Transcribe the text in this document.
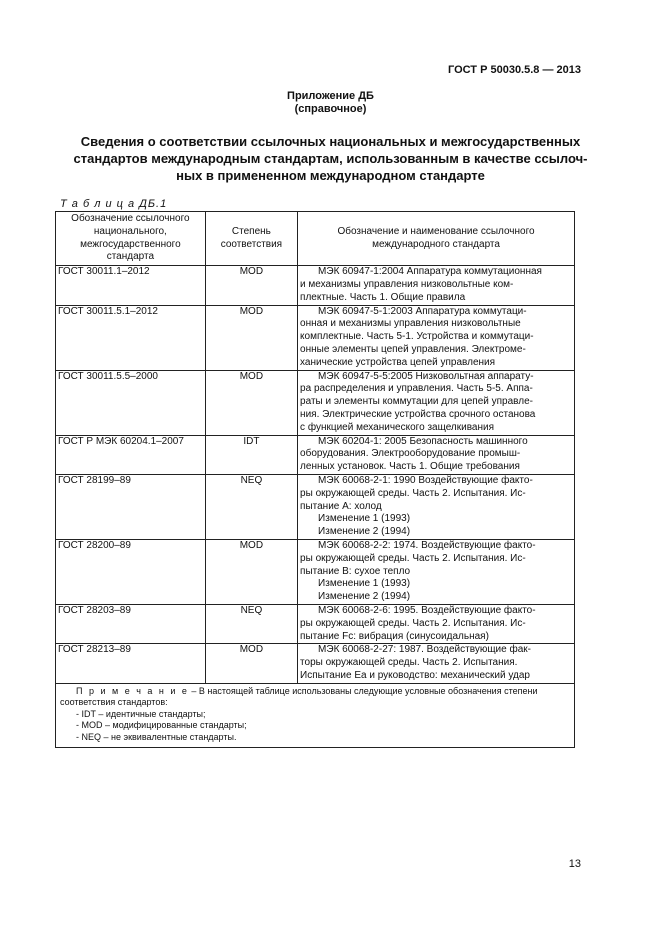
ГОСТ Р 50030.5.8 — 2013
Приложение ДБ
(справочное)
Сведения о соответствии ссылочных национальных и межгосударственных
стандартов международным стандартам, использованным в качестве ссылоч-
ных в примененном международном стандарте
Т а б л и ц а ДБ.1
Обозначение ссылочного национального, межгосударственного стандарта	Степень соответствия	Обозначение и наименование ссылочного международного стандарта
ГОСТ 30011.1–2012	MOD	МЭК 60947-1:2004 Аппаратура коммутационная
и механизмы управления низковольтные ком-
плектные. Часть 1. Общие правила

ГОСТ 30011.5.1–2012	MOD	МЭК 60947-5-1:2003 Аппаратура коммутаци-
онная и механизмы управления низковольтные
комплектные. Часть 5-1. Устройства и коммутаци-
онные элементы цепей управления. Электроме-
ханические устройства цепей управления

ГОСТ 30011.5.5–2000	MOD	МЭК 60947-5-5:2005 Низковольтная аппарату-
ра распределения и управления. Часть 5-5. Аппа-
раты и элементы коммутации для цепей управле-
ния. Электрические устройства срочного останова
с функцией механического защелкивания

ГОСТ Р МЭК 60204.1–2007	IDT	МЭК 60204-1: 2005 Безопасность машинного
оборудования. Электрооборудование промыш-
ленных установок. Часть 1. Общие требования

ГОСТ 28199–89	NEQ	МЭК 60068-2-1: 1990 Воздействующие факто-
ры окружающей среды. Часть 2. Испытания. Ис-
пытание А: холод
Изменение 1 (1993)
Изменение 2 (1994)

ГОСТ 28200–89	MOD	МЭК 60068-2-2: 1974. Воздействующие факто-
ры окружающей среды. Часть 2. Испытания. Ис-
пытание В: сухое тепло
Изменение 1 (1993)
Изменение 2 (1994)

ГОСТ 28203–89	NEQ	МЭК 60068-2-6: 1995. Воздействующие факто-
ры окружающей среды. Часть 2. Испытания. Ис-
пытание Fc: вибрация (синусоидальная)

ГОСТ 28213–89	MOD	МЭК 60068-2-27: 1987. Воздействующие фак-
торы окружающей среды. Часть 2. Испытания.
Испытание Еа и руководство: механический удар

П р и м е ч а н и е – В настоящей таблице использованы следующие условные обозначения степени соответствия стандартов:
- IDT – идентичные стандарты;
- MOD – модифицированные стандарты;
- NEQ – не эквивалентные стандарты.		
13
